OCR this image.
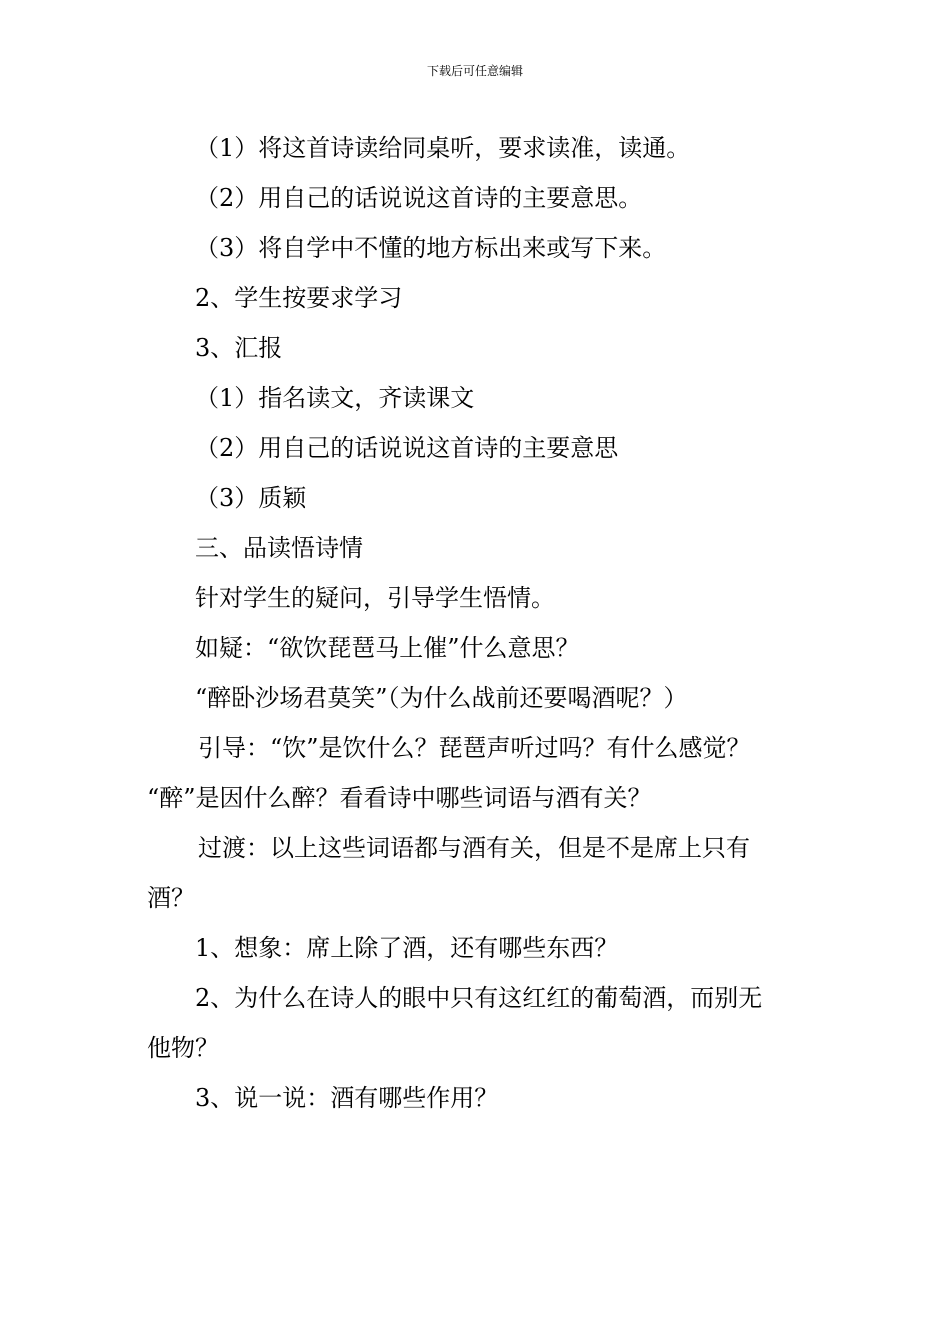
下载后可任意编辑
（1）将这首诗读给同桌听，要求读准，读通。
（2）用自己的话说说这首诗的主要意思。
（3）将自学中不懂的地方标出来或写下来。
2、学生按要求学习
3、汇报
（1）指名读文，齐读课文
（2）用自己的话说说这首诗的主要意思
（3）质颖
三、品读悟诗情
针对学生的疑问，引导学生悟情。
如疑：“欲饮琵琶马上催”什么意思？
“醉卧沙场君莫笑”（为什么战前还要喝酒呢？）
引导：“饮”是饮什么？琵琶声听过吗？有什么感觉？
“醉”是因什么醉？看看诗中哪些词语与酒有关？
过渡：以上这些词语都与酒有关，但是不是席上只有
酒？
1、想象：席上除了酒，还有哪些东西？
2、为什么在诗人的眼中只有这红红的葡萄酒，而别无
他物？
3、说一说：酒有哪些作用？
